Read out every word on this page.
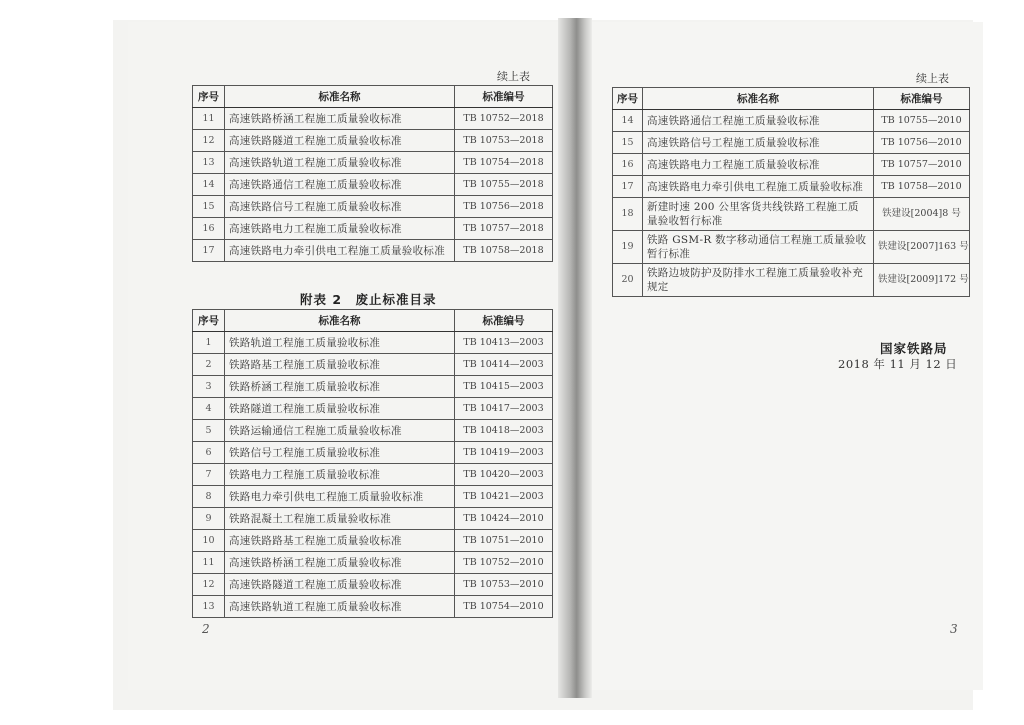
续上表
序号	标准名称	标准编号
11	高速铁路桥涵工程施工质量验收标准	TB 10752—2018
12	高速铁路隧道工程施工质量验收标准	TB 10753—2018
13	高速铁路轨道工程施工质量验收标准	TB 10754—2018
14	高速铁路通信工程施工质量验收标准	TB 10755—2018
15	高速铁路信号工程施工质量验收标准	TB 10756—2018
16	高速铁路电力工程施工质量验收标准	TB 10757—2018
17	高速铁路电力牵引供电工程施工质量验收标准	TB 10758—2018
附表 2　废止标准目录
序号	标准名称	标准编号
1	铁路轨道工程施工质量验收标准	TB 10413—2003
2	铁路路基工程施工质量验收标准	TB 10414—2003
3	铁路桥涵工程施工质量验收标准	TB 10415—2003
4	铁路隧道工程施工质量验收标准	TB 10417—2003
5	铁路运输通信工程施工质量验收标准	TB 10418—2003
6	铁路信号工程施工质量验收标准	TB 10419—2003
7	铁路电力工程施工质量验收标准	TB 10420—2003
8	铁路电力牵引供电工程施工质量验收标准	TB 10421—2003
9	铁路混凝土工程施工质量验收标准	TB 10424—2010
10	高速铁路路基工程施工质量验收标准	TB 10751—2010
11	高速铁路桥涵工程施工质量验收标准	TB 10752—2010
12	高速铁路隧道工程施工质量验收标准	TB 10753—2010
13	高速铁路轨道工程施工质量验收标准	TB 10754—2010
2
续上表
序号	标准名称	标准编号
14	高速铁路通信工程施工质量验收标准	TB 10755—2010
15	高速铁路信号工程施工质量验收标准	TB 10756—2010
16	高速铁路电力工程施工质量验收标准	TB 10757—2010
17	高速铁路电力牵引供电工程施工质量验收标准	TB 10758—2010
18	新建时速 200 公里客货共线铁路工程施工质量验收暂行标准	铁建设[2004]8 号
19	铁路 GSM-R 数字移动通信工程施工质量验收暂行标准	铁建设[2007]163 号
20	铁路边坡防护及防排水工程施工质量验收补充规定	铁建设[2009]172 号
国家铁路局
2018 年 11 月 12 日
3
